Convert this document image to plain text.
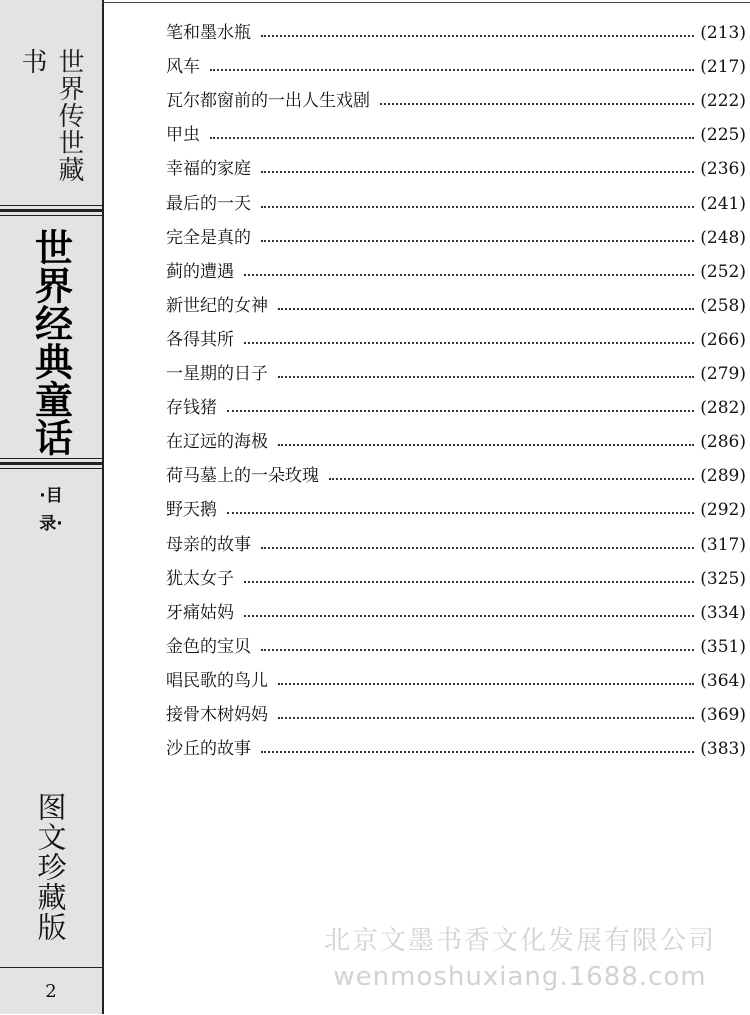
世界传世藏书
世界经典童话
·目
录·
图文珍藏版
2
笔和墨水瓶	(213)
风车	(217)
瓦尔都窗前的一出人生戏剧	(222)
甲虫	(225)
幸福的家庭	(236)
最后的一天	(241)
完全是真的	(248)
蓟的遭遇	(252)
新世纪的女神	(258)
各得其所	(266)
一星期的日子	(279)
存钱猪	(282)
在辽远的海极	(286)
荷马墓上的一朵玫瑰	(289)
野天鹅	(292)
母亲的故事	(317)
犹太女子	(325)
牙痛姑妈	(334)
金色的宝贝	(351)
唱民歌的鸟儿	(364)
接骨木树妈妈	(369)
沙丘的故事	(383)
北京文墨书香文化发展有限公司
wenmoshuxiang.1688.com
